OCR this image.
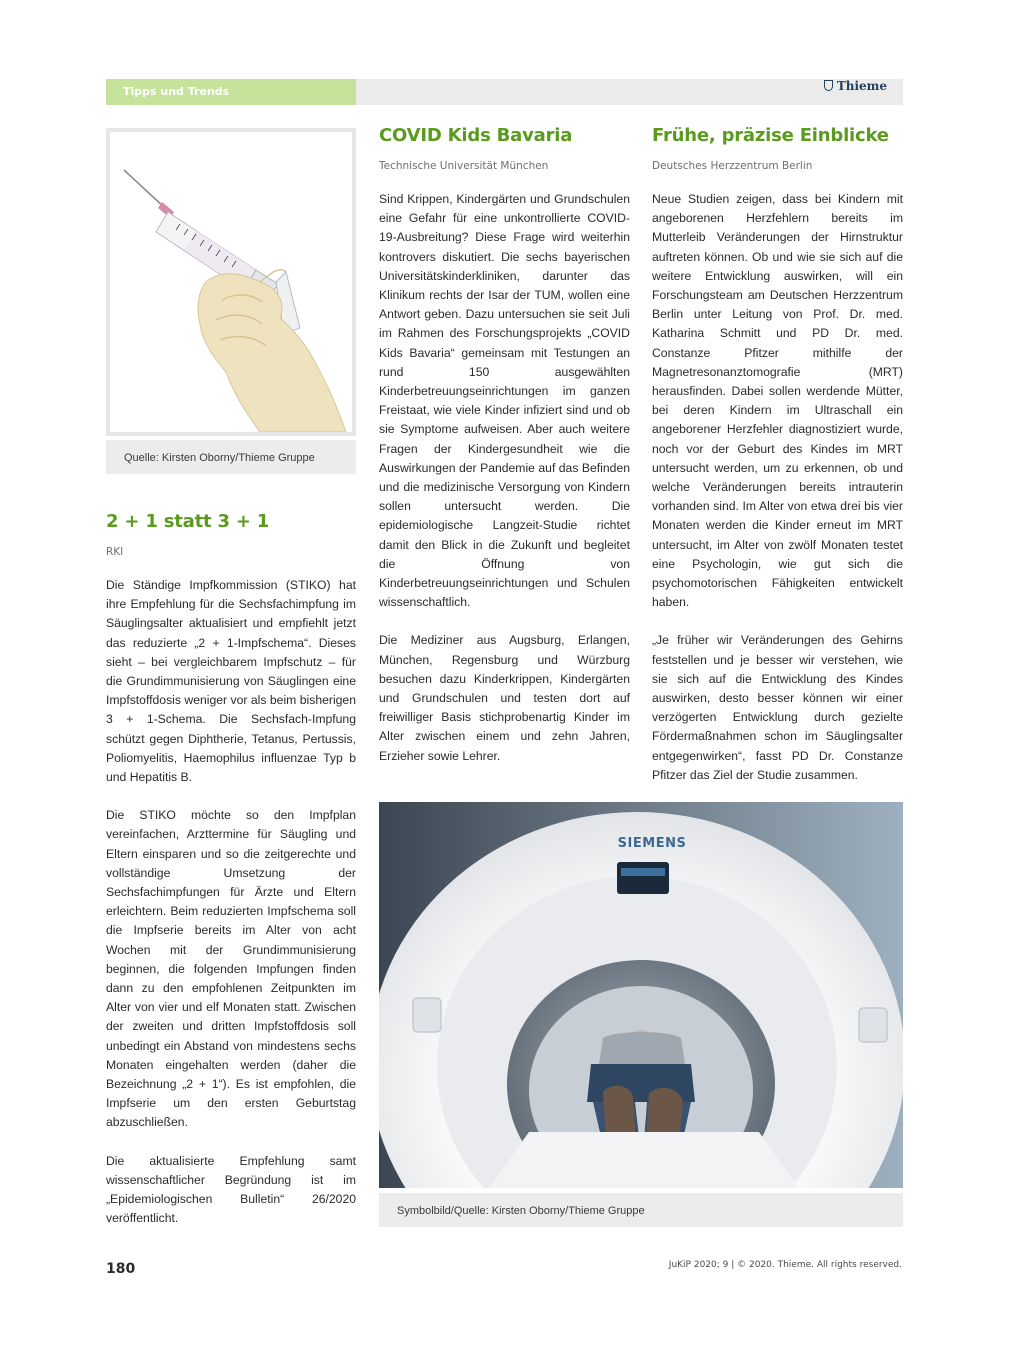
Tipps und Trends	Thieme
Quelle: Kirsten Oborny/Thieme Gruppe
2 + 1 statt 3 + 1
RKI

Die Ständige Impfkommission (STIKO) hat ihre Empfehlung für die Sechsfachimpfung im Säuglingsalter aktualisiert und empfiehlt jetzt das reduzierte „2 + 1-Impfschema“. Dieses sieht – bei vergleichbarem Impfschutz – für die Grundimmunisierung von Säuglingen eine Impfstoffdosis weniger vor als beim bisherigen 3 + 1-Schema. Die Sechsfach-Impfung schützt gegen Diphtherie, Tetanus, Pertussis, Poliomyelitis, Haemophilus influenzae Typ b und Hepatitis B.

Die STIKO möchte so den Impfplan vereinfachen, Arzttermine für Säugling und Eltern einsparen und so die zeitgerechte und vollständige Umsetzung der Sechsfachimpfungen für Ärzte und Eltern erleichtern. Beim reduzierten Impfschema soll die Impfserie bereits im Alter von acht Wochen mit der Grundimmunisierung beginnen, die folgenden Impfungen finden dann zu den empfohlenen Zeitpunkten im Alter von vier und elf Monaten statt. Zwischen der zweiten und dritten Impfstoffdosis soll unbedingt ein Abstand von mindestens sechs Monaten eingehalten werden (daher die Bezeichnung „2 + 1“). Es ist empfohlen, die Impfserie um den ersten Geburtstag abzuschließen.

Die aktualisierte Empfehlung samt wissenschaftlicher Begründung ist im „Epidemiologischen Bulletin“ 26/2020 veröffentlicht.

COVID Kids Bavaria
Technische Universität München

Sind Krippen, Kindergärten und Grundschulen eine Gefahr für eine unkontrollierte COVID-19-Ausbreitung? Diese Frage wird weiterhin kontrovers diskutiert. Die sechs bayerischen Universitätskinderkliniken, darunter das Klinikum rechts der Isar der TUM, wollen eine Antwort geben. Dazu untersuchen sie seit Juli im Rahmen des Forschungsprojekts „COVID Kids Bavaria“ gemeinsam mit Testungen an rund 150 ausgewählten Kinderbetreuungseinrichtungen im ganzen Freistaat, wie viele Kinder infiziert sind und ob sie Symptome aufweisen. Aber auch weitere Fragen der Kindergesundheit wie die Auswirkungen der Pandemie auf das Befinden und die medizinische Versorgung von Kindern sollen untersucht werden. Die epidemiologische Langzeit-Studie richtet damit den Blick in die Zukunft und begleitet die Öffnung von Kinderbetreuungseinrichtungen und Schulen wissenschaftlich.

Die Mediziner aus Augsburg, Erlangen, München, Regensburg und Würzburg besuchen dazu Kinderkrippen, Kindergärten und Grundschulen und testen dort auf freiwilliger Basis stichprobenartig Kinder im Alter zwischen einem und zehn Jahren, Erzieher sowie Lehrer.

Frühe, präzise Einblicke
Deutsches Herzzentrum Berlin

Neue Studien zeigen, dass bei Kindern mit angeborenen Herzfehlern bereits im Mutterleib Veränderungen der Hirnstruktur auftreten können. Ob und wie sie sich auf die weitere Entwicklung auswirken, will ein Forschungsteam am Deutschen Herzzentrum Berlin unter Leitung von Prof. Dr. med. Katharina Schmitt und PD Dr. med. Constanze Pfitzer mithilfe der Magnetresonanztomografie (MRT) herausfinden. Dabei sollen werdende Mütter, bei deren Kindern im Ultraschall ein angeborener Herzfehler diagnostiziert wurde, noch vor der Geburt des Kindes im MRT untersucht werden, um zu erkennen, ob und welche Veränderungen bereits intrauterin vorhanden sind. Im Alter von etwa drei bis vier Monaten werden die Kinder erneut im MRT untersucht, im Alter von zwölf Monaten testet eine Psychologin, wie gut sich die psychomotorischen Fähigkeiten entwickelt haben.

„Je früher wir Veränderungen des Gehirns feststellen und je besser wir verstehen, wie sie sich auf die Entwicklung des Kindes auswirken, desto besser können wir einer verzögerten Entwicklung durch gezielte Fördermaßnahmen schon im Säuglingsalter entgegenwirken“, fasst PD Dr. Constanze Pfitzer das Ziel der Studie zusammen.

SIEMENS
Symbolbild/Quelle: Kirsten Oborny/Thieme Gruppe
180	JuKiP 2020; 9 | © 2020. Thieme. All rights reserved.
